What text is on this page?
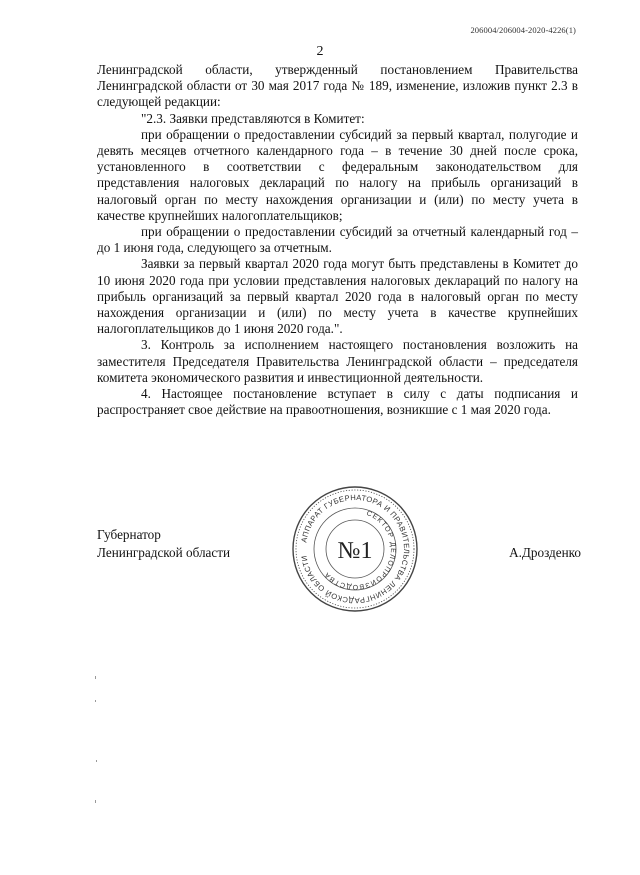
206004/206004-2020-4226(1)
2

Ленинградской области, утвержденный постановлением Правительства Ленинградской области от 30 мая 2017 года № 189, изменение, изложив пункт 2.3 в следующей редакции:

"2.3. Заявки представляются в Комитет:

при обращении о предоставлении субсидий за первый квартал, полугодие и девять месяцев отчетного календарного года – в течение 30 дней после срока, установленного в соответствии с федеральным законодательством для представления налоговых деклараций по налогу на прибыль организаций в налоговый орган по месту нахождения организации и (или) по месту учета в качестве крупнейших налогоплательщиков;

при обращении о предоставлении субсидий за отчетный календарный год – до 1 июня года, следующего за отчетным.

Заявки за первый квартал 2020 года могут быть представлены в Комитет до 10 июня 2020 года при условии представления налоговых деклараций по налогу на прибыль организаций за первый квартал 2020 года в налоговый орган по месту нахождения организации и (или) по месту учета в качестве крупнейших налогоплательщиков до 1 июня 2020 года.".

3. Контроль за исполнением настоящего постановления возложить на заместителя Председателя Правительства Ленинградской области – председателя комитета экономического развития и инвестиционной деятельности.

4. Настоящее постановление вступает в силу с даты подписания и распространяет свое действие на правоотношения, возникшие с 1 мая 2020 года.

Губернатор
Ленинградской области	А.Дрозденко
АППАРАТ ГУБЕРНАТОРА И ПРАВИТЕЛЬСТВА ЛЕНИНГРАДСКОЙ ОБЛАСТИ
СЕКТОР ДЕЛОПРОИЗВОДСТВА
№1
